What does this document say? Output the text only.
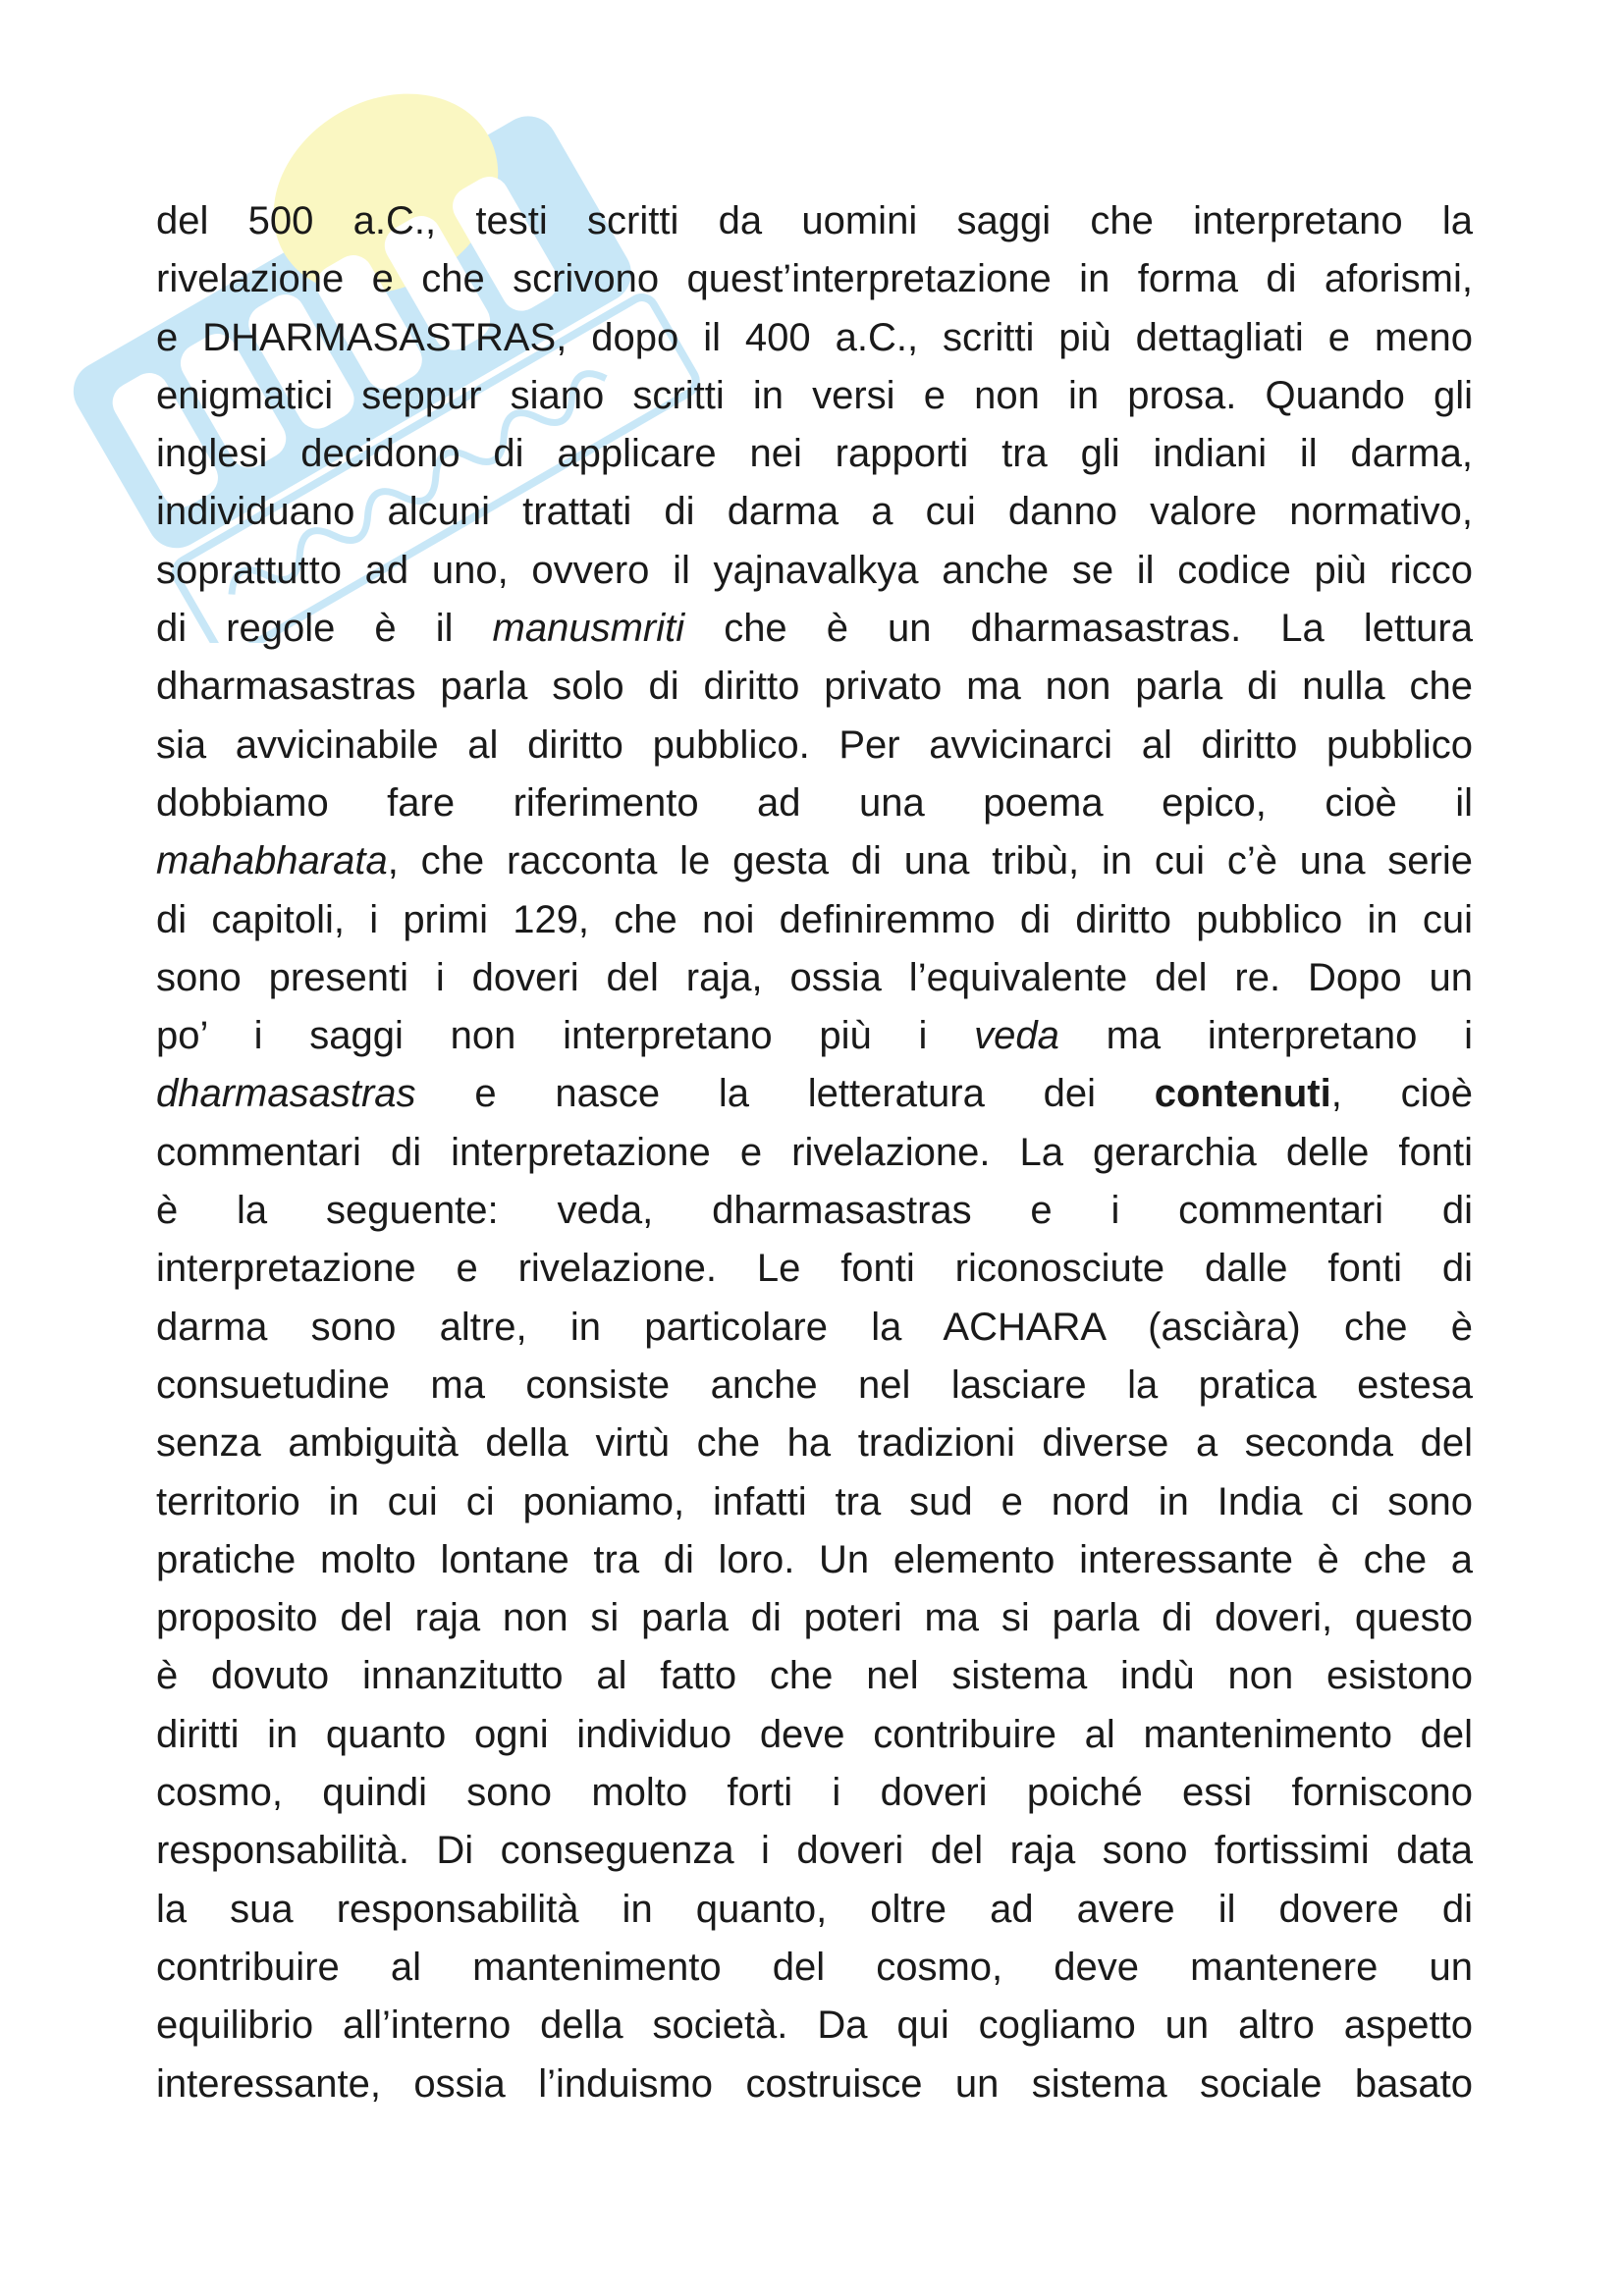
del 500 a.C., testi scritti da uomini saggi che interpretano la
rivelazione e che scrivono quest’interpretazione in forma di aforismi,
e DHARMASASTRAS, dopo il 400 a.C., scritti più dettagliati e meno
enigmatici seppur siano scritti in versi e non in prosa. Quando gli
inglesi decidono di applicare nei rapporti tra gli indiani il darma,
individuano alcuni trattati di darma a cui danno valore normativo,
soprattutto ad uno, ovvero il yajnavalkya anche se il codice più ricco
di regole è il manusmriti che è un dharmasastras. La lettura
dharmasastras parla solo di diritto privato ma non parla di nulla che
sia avvicinabile al diritto pubblico. Per avvicinarci al diritto pubblico
dobbiamo fare riferimento ad una poema epico, cioè il
mahabharata, che racconta le gesta di una tribù, in cui c’è una serie
di capitoli, i primi 129, che noi definiremmo di diritto pubblico in cui
sono presenti i doveri del raja, ossia l’equivalente del re. Dopo un
po’ i saggi non interpretano più i veda ma interpretano i
dharmasastras e nasce la letteratura dei contenuti, cioè
commentari di interpretazione e rivelazione. La gerarchia delle fonti
è la seguente: veda, dharmasastras e i commentari di
interpretazione e rivelazione. Le fonti riconosciute dalle fonti di
darma sono altre, in particolare la ACHARA (asciàra) che è
consuetudine ma consiste anche nel lasciare la pratica estesa
senza ambiguità della virtù che ha tradizioni diverse a seconda del
territorio in cui ci poniamo, infatti tra sud e nord in India ci sono
pratiche molto lontane tra di loro. Un elemento interessante è che a
proposito del raja non si parla di poteri ma si parla di doveri, questo
è dovuto innanzitutto al fatto che nel sistema indù non esistono
diritti in quanto ogni individuo deve contribuire al mantenimento del
cosmo, quindi sono molto forti i doveri poiché essi forniscono
responsabilità. Di conseguenza i doveri del raja sono fortissimi data
la sua responsabilità in quanto, oltre ad avere il dovere di
contribuire al mantenimento del cosmo, deve mantenere un
equilibrio all’interno della società. Da qui cogliamo un altro aspetto
interessante, ossia l’induismo costruisce un sistema sociale basato
